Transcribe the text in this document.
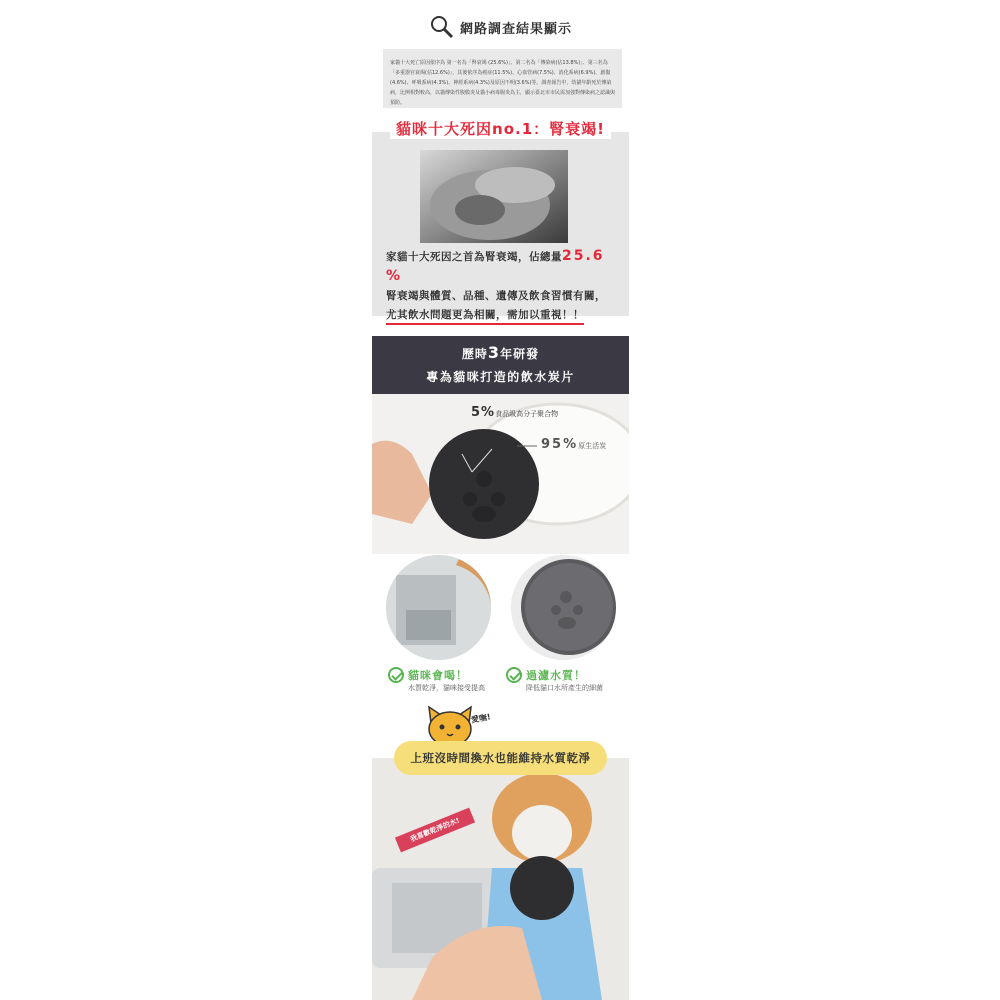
網路調查結果顯示

家貓十大死亡原因依序為 第一名為「腎衰竭 (25.6%)」、第二名為「傳染病(佔13.8%)」、第三名為「多重器官衰竭(佔12.6%)」，其後依序為癌症(11.5%)、心血管病(7.5%)、消化系病(6.9%)、創傷(4.6%)、呼吸系病(4.3%)、神經系病(4.3%)及原因不明(3.6%)等。調查報告中，幼貓年齡死於傳染病，比例相對較高，以貓傳染性腹膜炎及貓小病毒腸炎為主，顯示臺北市市民需加強對傳染病之認識與預防。

貓咪十大死因no.1：腎衰竭!
家貓十大死因之首為腎衰竭，佔總量25.6 %
腎衰竭與體質、品種、遺傳及飲食習慣有關，
尤其飲水問題更為相關，需加以重視！！
歷時3年研發
專為貓咪打造的飲水炭片
5%食品級高分子聚合物
95%原生活炭
貓咪會喝！
水質乾淨，貓咪接受提高
過濾水質！
降低貓口水所產生的細菌
我喜歡乾淨的水!
愛嘸!
上班沒時間換水也能維持水質乾淨
